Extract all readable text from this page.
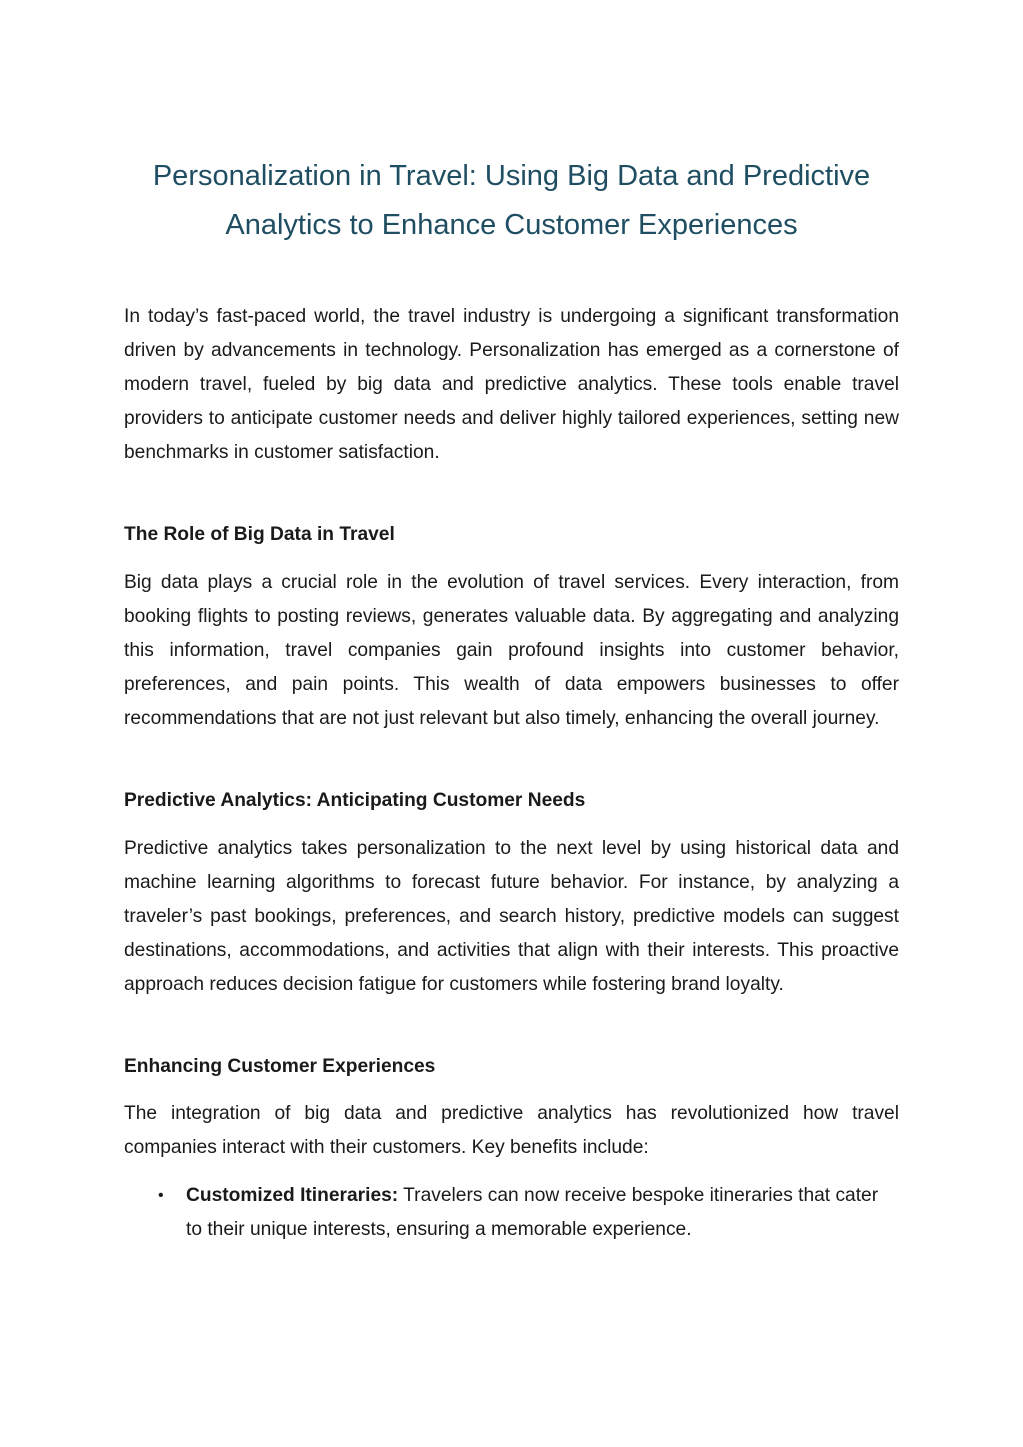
Personalization in Travel: Using Big Data and Predictive Analytics to Enhance Customer Experiences

In today’s fast-paced world, the travel industry is undergoing a significant transformation driven by advancements in technology. Personalization has emerged as a cornerstone of modern travel, fueled by big data and predictive analytics. These tools enable travel providers to anticipate customer needs and deliver highly tailored experiences, setting new benchmarks in customer satisfaction.

The Role of Big Data in Travel

Big data plays a crucial role in the evolution of travel services. Every interaction, from booking flights to posting reviews, generates valuable data. By aggregating and analyzing this information, travel companies gain profound insights into customer behavior, preferences, and pain points. This wealth of data empowers businesses to offer recommendations that are not just relevant but also timely, enhancing the overall journey.

Predictive Analytics: Anticipating Customer Needs

Predictive analytics takes personalization to the next level by using historical data and machine learning algorithms to forecast future behavior. For instance, by analyzing a traveler’s past bookings, preferences, and search history, predictive models can suggest destinations, accommodations, and activities that align with their interests. This proactive approach reduces decision fatigue for customers while fostering brand loyalty.

Enhancing Customer Experiences

The integration of big data and predictive analytics has revolutionized how travel companies interact with their customers. Key benefits include:

• Customized Itineraries: Travelers can now receive bespoke itineraries that cater to their unique interests, ensuring a memorable experience.
